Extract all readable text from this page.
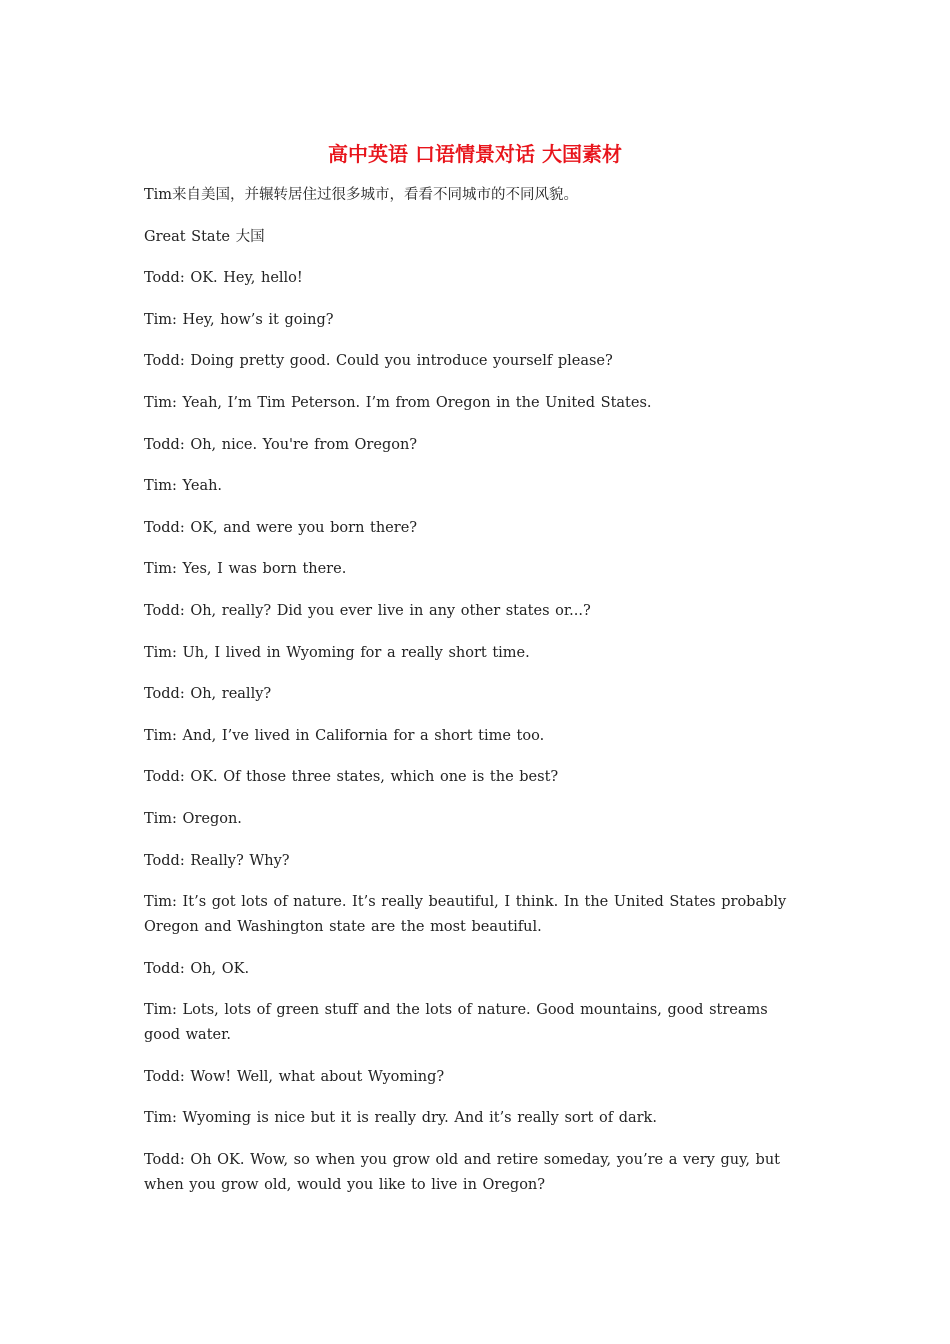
高中英语 口语情景对话 大国素材

Tim来自美国，并辗转居住过很多城市，看看不同城市的不同风貌。

Great State 大国

Todd: OK. Hey, hello!

Tim: Hey, how’s it going?

Todd: Doing pretty good. Could you introduce yourself please?

Tim: Yeah, I’m Tim Peterson. I’m from Oregon in the United States.

Todd: Oh, nice. You're from Oregon?

Tim: Yeah.

Todd: OK, and were you born there?

Tim: Yes, I was born there.

Todd: Oh, really? Did you ever live in any other states or...?

Tim: Uh, I lived in Wyoming for a really short time.

Todd: Oh, really?

Tim: And, I’ve lived in California for a short time too.

Todd: OK. Of those three states, which one is the best?

Tim: Oregon.

Todd: Really? Why?

Tim: It’s got lots of nature. It’s really beautiful, I think. In the United States probably Oregon and Washington state are the most beautiful.

Todd: Oh, OK.

Tim: Lots, lots of green stuff and the lots of nature. Good mountains, good streams good water.

Todd: Wow! Well, what about Wyoming?

Tim: Wyoming is nice but it is really dry. And it’s really sort of dark.

Todd: Oh OK. Wow, so when you grow old and retire someday, you’re a very guy, but when you grow old, would you like to live in Oregon?
